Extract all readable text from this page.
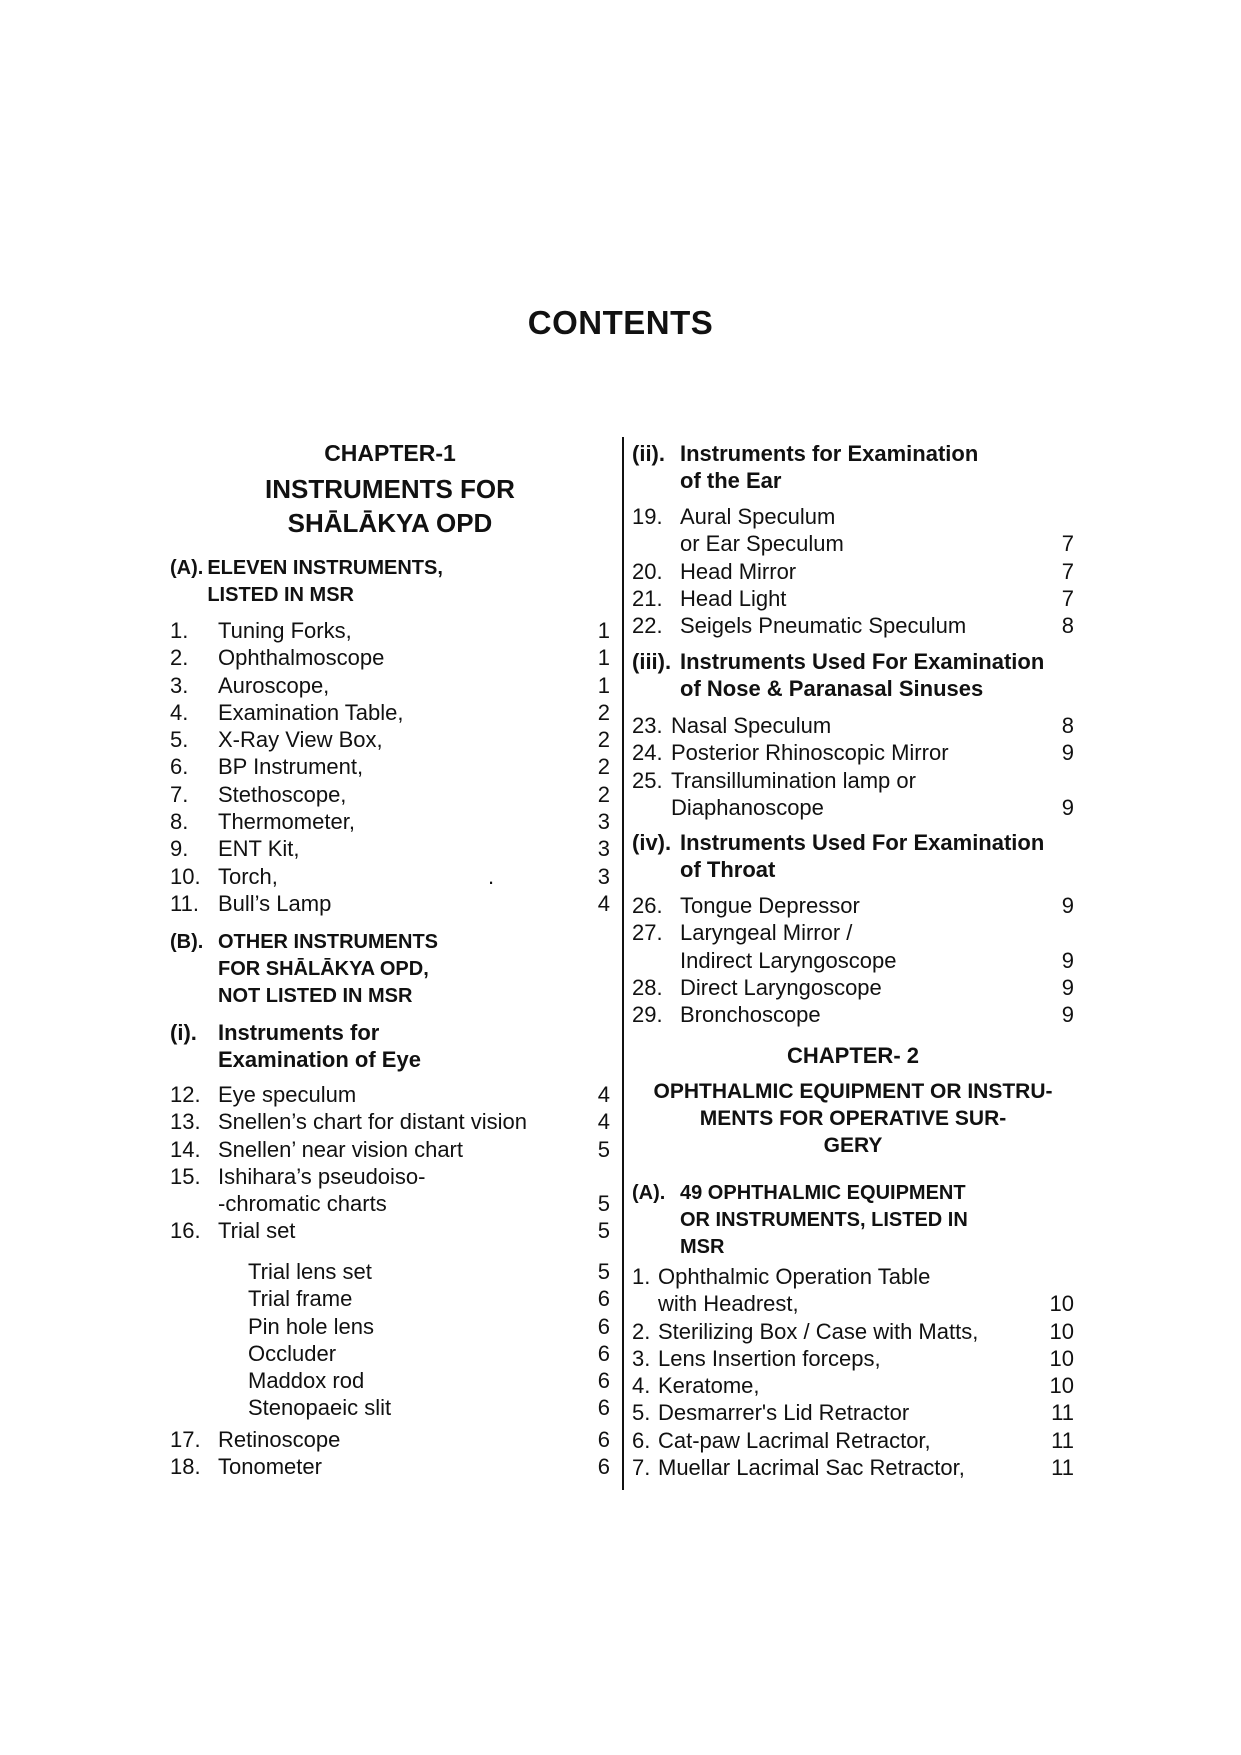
CONTENTS
CHAPTER-1
INSTRUMENTS FOR
SHĀLĀKYA OPD
(A). ELEVEN INSTRUMENTS,
LISTED IN MSR
1.	Tuning Forks,	1
2.	Ophthalmoscope	1
3.	Auroscope,	1
4.	Examination Table,	2
5.	X-Ray View Box,	2
6.	BP Instrument,	2
7.	Stethoscope,	2
8.	Thermometer,	3
9.	ENT Kit,	3
10. Torch,	3
11. Bull’s Lamp	4
.
(B). OTHER INSTRUMENTS
FOR SHĀLĀKYA OPD,
NOT LISTED IN MSR
(i). Instruments for
Examination of Eye
12. Eye speculum	4
13. Snellen’s chart for distant vision	4
14. Snellen’ near vision chart	5
15. Ishihara’s pseudoiso-
-chromatic charts	5
16. Trial set	5
Trial lens set	5
Trial frame	6
Pin hole lens	6
Occluder	6
Maddox rod	6
Stenopaeic slit	6
17. Retinoscope	6
18. Tonometer	6
(ii). Instruments for Examination
of the Ear
19. Aural Speculum
or Ear Speculum	7
20. Head Mirror	7
21. Head Light	7
22. Seigels Pneumatic Speculum	8
(iii). Instruments Used For Examination
of Nose & Paranasal Sinuses
23. Nasal Speculum	8
24. Posterior Rhinoscopic Mirror	9
25. Transillumination lamp or
Diaphanoscope	9
(iv). Instruments Used For Examination
of Throat
26. Tongue Depressor	9
27. Laryngeal Mirror /
Indirect Laryngoscope	9
28. Direct Laryngoscope	9
29. Bronchoscope	9
CHAPTER- 2
OPHTHALMIC EQUIPMENT OR INSTRU-
MENTS FOR OPERATIVE SUR-
GERY
(A). 49 OPHTHALMIC EQUIPMENT
OR INSTRUMENTS, LISTED IN
MSR
1. Ophthalmic Operation Table
with Headrest,	10
2. Sterilizing Box / Case with Matts,	10
3. Lens Insertion forceps,	10
4. Keratome,	10
5. Desmarrer's Lid Retractor	11
6. Cat-paw Lacrimal Retractor,	11
7. Muellar Lacrimal Sac Retractor,	11
